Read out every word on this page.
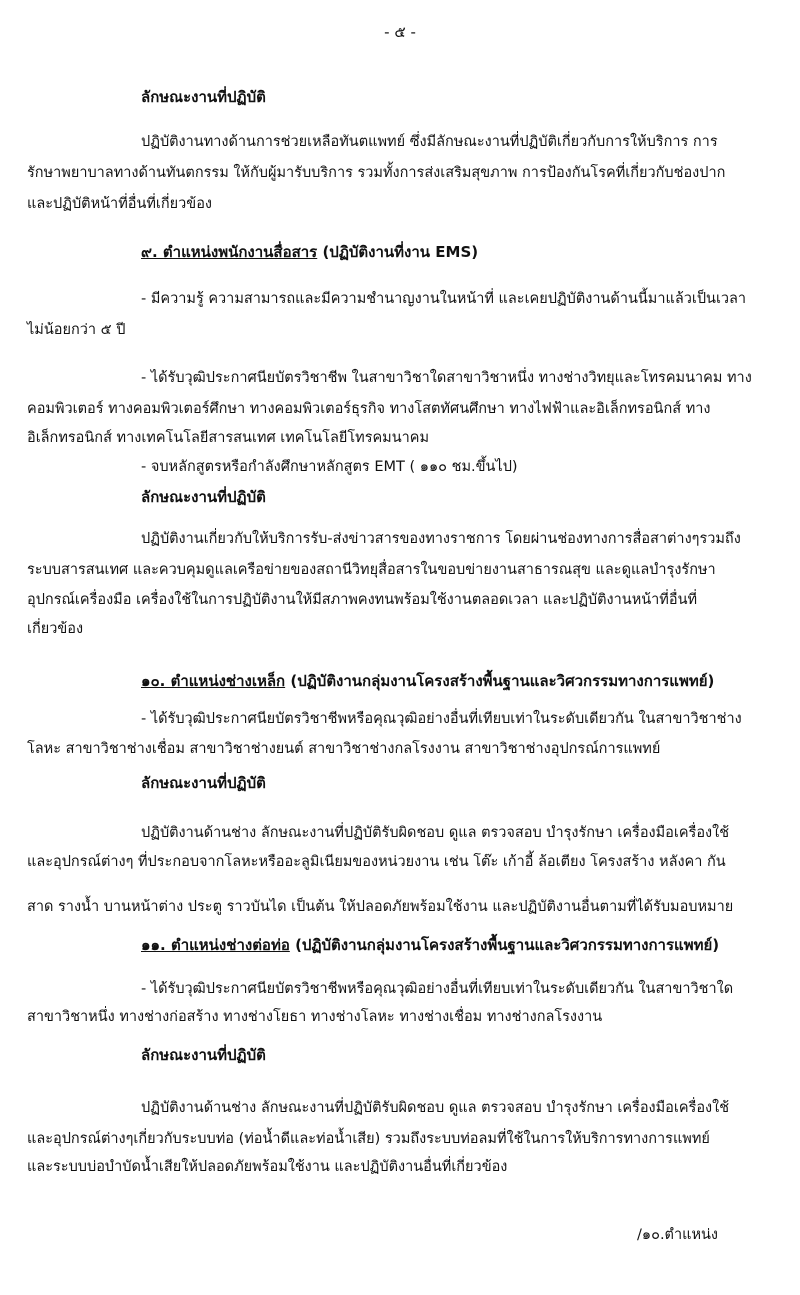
- ๕ -
ลักษณะงานที่ปฏิบัติ
ปฏิบัติงานทางด้านการช่วยเหลือทันตแพทย์ ซึ่งมีลักษณะงานที่ปฏิบัติเกี่ยวกับการให้บริการ การ
รักษาพยาบาลทางด้านทันตกรรม ให้กับผู้มารับบริการ รวมทั้งการส่งเสริมสุขภาพ การป้องกันโรคที่เกี่ยวกับช่องปาก
และปฏิบัติหน้าที่อื่นที่เกี่ยวข้อง
๙. ตำแหน่งพนักงานสื่อสาร (ปฏิบัติงานที่งาน EMS)
- มีความรู้ ความสามารถและมีความชำนาญงานในหน้าที่ และเคยปฏิบัติงานด้านนี้มาแล้วเป็นเวลา
ไม่น้อยกว่า ๕ ปี
- ได้รับวุฒิประกาศนียบัตรวิชาชีพ ในสาขาวิชาใดสาขาวิชาหนึ่ง ทางช่างวิทยุและโทรคมนาคม ทาง
คอมพิวเตอร์ ทางคอมพิวเตอร์ศึกษา ทางคอมพิวเตอร์ธุรกิจ ทางโสตทัศนศึกษา ทางไฟฟ้าและอิเล็กทรอนิกส์ ทาง
อิเล็กทรอนิกส์ ทางเทคโนโลยีสารสนเทศ เทคโนโลยีโทรคมนาคม
- จบหลักสูตรหรือกำลังศึกษาหลักสูตร EMT ( ๑๑๐ ชม.ขึ้นไป)
ลักษณะงานที่ปฏิบัติ
ปฏิบัติงานเกี่ยวกับให้บริการรับ-ส่งข่าวสารของทางราชการ โดยผ่านช่องทางการสื่อสาต่างๆรวมถึง
ระบบสารสนเทศ และควบคุมดูแลเครือข่ายของสถานีวิทยุสื่อสารในขอบข่ายงานสาธารณสุข และดูแลบำรุงรักษา
อุปกรณ์เครื่องมือ เครื่องใช้ในการปฏิบัติงานให้มีสภาพคงทนพร้อมใช้งานตลอดเวลา และปฏิบัติงานหน้าที่อื่นที่
เกี่ยวข้อง
๑๐. ตำแหน่งช่างเหล็ก (ปฏิบัติงานกลุ่มงานโครงสร้างพื้นฐานและวิศวกรรมทางการแพทย์)
- ได้รับวุฒิประกาศนียบัตรวิชาชีพหรือคุณวุฒิอย่างอื่นที่เทียบเท่าในระดับเดียวกัน ในสาขาวิชาช่าง
โลหะ สาขาวิชาช่างเชื่อม สาขาวิชาช่างยนต์ สาขาวิชาช่างกลโรงงาน สาขาวิชาช่างอุปกรณ์การแพทย์
ลักษณะงานที่ปฏิบัติ
ปฏิบัติงานด้านช่าง ลักษณะงานที่ปฏิบัติรับผิดชอบ ดูแล ตรวจสอบ บำรุงรักษา เครื่องมือเครื่องใช้
และอุปกรณ์ต่างๆ ที่ประกอบจากโลหะหรืออะลูมิเนียมของหน่วยงาน เช่น โต๊ะ เก้าอี้ ล้อเตียง โครงสร้าง หลังคา กัน
สาด รางน้ำ บานหน้าต่าง ประตู ราวบันได เป็นต้น ให้ปลอดภัยพร้อมใช้งาน และปฏิบัติงานอื่นตามที่ได้รับมอบหมาย
๑๑. ตำแหน่งช่างต่อท่อ (ปฏิบัติงานกลุ่มงานโครงสร้างพื้นฐานและวิศวกรรมทางการแพทย์)
- ได้รับวุฒิประกาศนียบัตรวิชาชีพหรือคุณวุฒิอย่างอื่นที่เทียบเท่าในระดับเดียวกัน ในสาขาวิชาใด
สาขาวิชาหนึ่ง ทางช่างก่อสร้าง ทางช่างโยธา ทางช่างโลหะ ทางช่างเชื่อม ทางช่างกลโรงงาน
ลักษณะงานที่ปฏิบัติ
ปฏิบัติงานด้านช่าง ลักษณะงานที่ปฏิบัติรับผิดชอบ ดูแล ตรวจสอบ บำรุงรักษา เครื่องมือเครื่องใช้
และอุปกรณ์ต่างๆเกี่ยวกับระบบท่อ (ท่อน้ำดีและท่อน้ำเสีย) รวมถึงระบบท่อลมที่ใช้ในการให้บริการทางการแพทย์
และระบบบ่อบำบัดน้ำเสียให้ปลอดภัยพร้อมใช้งาน และปฏิบัติงานอื่นที่เกี่ยวข้อง
/๑๐.ตำแหน่ง
